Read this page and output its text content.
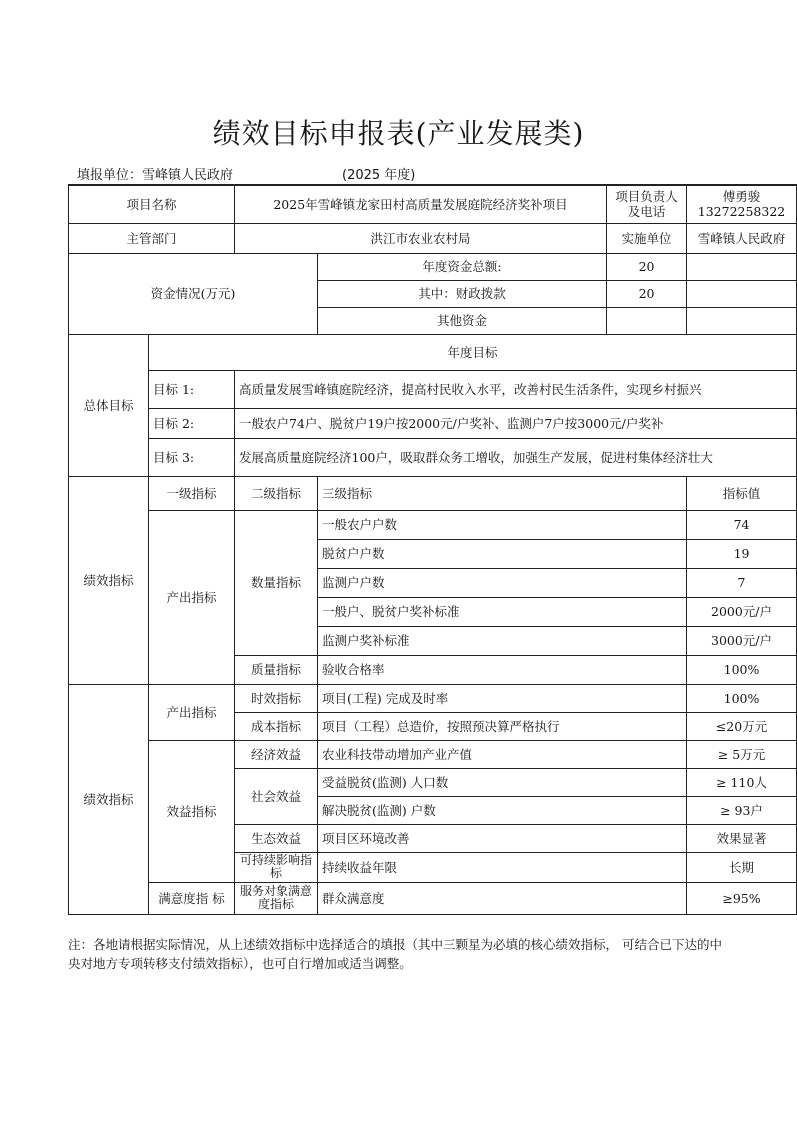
绩效目标申报表(产业发展类)
填报单位：雪峰镇人民政府	(2025 年度)
项目名称		2025年雪峰镇龙家田村高质量发展庭院经济奖补项目		项目负责人及电话	傅勇骏
13272258322

主管部门		洪江市农业农村局		实施单位	雪峰镇人民政府
资金情况(万元)			年度资金总额:	20	
			其中：财政拨款	20	
			其他资金		
总体目标	年度目标				
	目标 1:	高质量发展雪峰镇庭院经济，提高村民收入水平，改善村民生活条件，实现乡村振兴			
	目标 2:	一般农户74户、脱贫户19户按2000元/户奖补、监测户7户按3000元/户奖补			
	目标 3:	发展高质量庭院经济100户，吸取群众务工增收，加强生产发展，促进村集体经济壮大			
绩效指标	一级指标	二级指标	三级指标		指标值
	产出指标	数量指标	一般农户户数		74
			脱贫户户数		19
			监测户户数		7
			一般户、脱贫户奖补标准		2000元/户
			监测户奖补标准		3000元/户
		质量指标	验收合格率		100%
绩效指标	产出指标	时效指标	项目(工程) 完成及时率		100%
		成本指标	项目（工程）总造价，按照预决算严格执行		≤20万元
	效益指标	经济效益	农业科技带动增加产业产值		≥ 5万元
		社会效益	受益脱贫(监测) 人口数		≥ 110人
			解决脱贫(监测) 户数		≥ 93户
		生态效益	项目区环境改善		效果显著
		可持续影响指标	持续收益年限		长期
	满意度指 标	服务对象满意度指标	群众满意度		≥95%
注：各地请根据实际情况，从上述绩效指标中选择适合的填报（其中三颗星为必填的核心绩效指标， 可结合已下达的中央对地方专项转移支付绩效指标），也可自行增加或适当调整。
